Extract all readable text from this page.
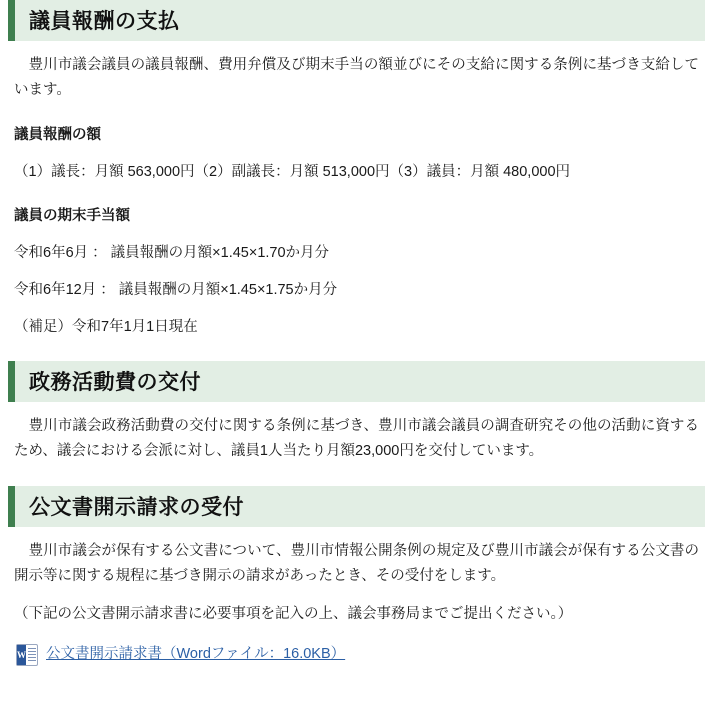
議員報酬の支払

　豊川市議会議員の議員報酬、費用弁償及び期末手当の額並びにその支給に関する条例に基づき支給しています。

議員報酬の額
（1）議長：月額 563,000円（2）副議長：月額 513,000円（3）議員：月額 480,000円
議員の期末手当額
令和6年6月 ： 議員報酬の月額×1.45×1.70か月分
令和6年12月 ： 議員報酬の月額×1.45×1.75か月分
（補足）令和7年1月1日現在
政務活動費の交付

　豊川市議会政務活動費の交付に関する条例に基づき、豊川市議会議員の調査研究その他の活動に資するため、議会における会派に対し、議員1人当たり月額23,000円を交付しています。

公文書開示請求の受付

　豊川市議会が保有する公文書について、豊川市情報公開条例の規定及び豊川市議会が保有する公文書の開示等に関する規程に基づき開示の請求があったとき、その受付をします。

（下記の公文書開示請求書に必要事項を記入の上、議会事務局までご提出ください。）
W 公文書開示請求書（Wordファイル：16.0KB）
